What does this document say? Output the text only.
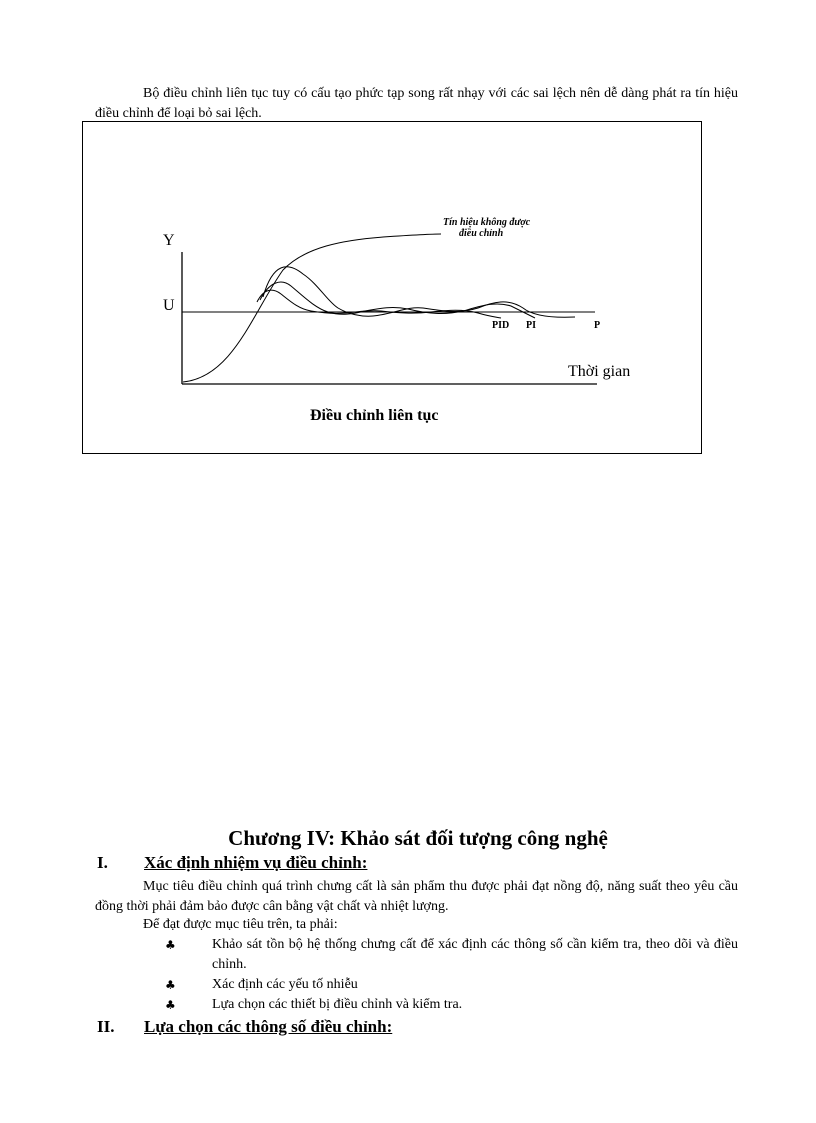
Bộ điều chỉnh liên tục tuy có cấu tạo phức tạp song rất nhạy với các sai lệch nên dễ dàng phát ra tín hiệu điều chỉnh để loại bỏ sai lệch.

Y
U
Thời gian
Tín hiệu không được
điều chỉnh
PID PI	P
Điều chỉnh liên tục
Chương IV: Khảo sát đối tượng công nghệ
I. Xác định nhiệm vụ điều chỉnh:

Mục tiêu điều chỉnh quá trình chưng cất là sản phẩm thu được phải đạt nồng độ, năng suất theo yêu cầu đồng thời phải đảm bảo được cân bằng vật chất và nhiệt lượng.

Để đạt được mục tiêu trên, ta phải:
♣	Khảo sát tồn bộ hệ thống chưng cất để xác định các thông số cần kiểm tra, theo dõi và điều chỉnh.
♣	Xác định các yếu tố nhiễu
♣	Lựa chọn các thiết bị điều chỉnh và kiểm tra.
II. Lựa chọn các thông số điều chỉnh:
